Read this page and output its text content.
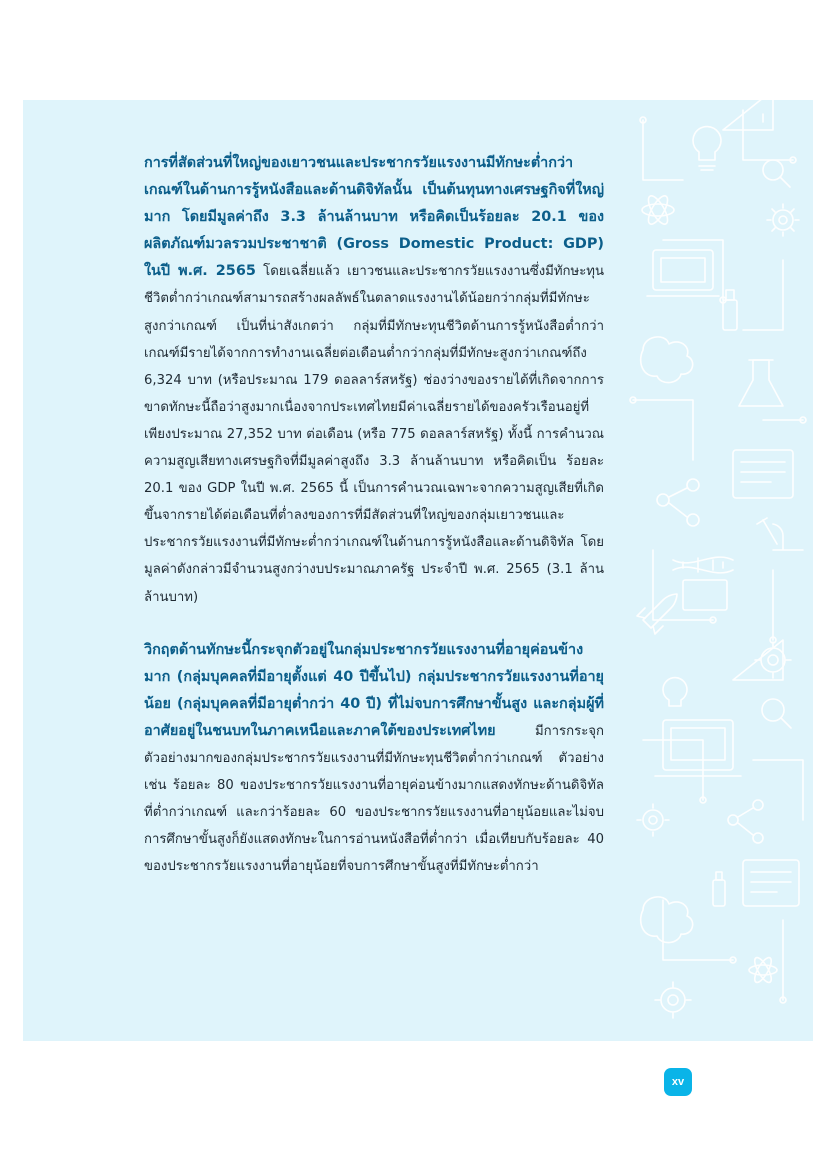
การที่สัดส่วนที่ใหญ่ของเยาวชนและประชากรวัยแรงงานมีทักษะต่ำกว่าเกณฑ์ในด้านการรู้หนังสือและด้านดิจิทัลนั้น เป็นต้นทุนทางเศรษฐกิจที่ใหญ่มาก โดยมีมูลค่าถึง 3.3 ล้านล้านบาท หรือคิดเป็นร้อยละ 20.1 ของผลิตภัณฑ์มวลรวมประชาชาติ (Gross Domestic Product: GDP) ในปี พ.ศ. 2565 โดยเฉลี่ยแล้ว เยาวชนและประชากรวัยแรงงานซึ่งมีทักษะทุนชีวิตต่ำกว่าเกณฑ์สามารถสร้างผลลัพธ์ในตลาดแรงงานได้น้อยกว่ากลุ่มที่มีทักษะสูงกว่าเกณฑ์ เป็นที่น่าสังเกตว่า กลุ่มที่มีทักษะทุนชีวิตด้านการรู้หนังสือต่ำกว่าเกณฑ์มีรายได้จากการทำงานเฉลี่ยต่อเดือนต่ำกว่ากลุ่มที่มีทักษะสูงกว่าเกณฑ์ถึง 6,324 บาท (หรือประมาณ 179 ดอลลาร์สหรัฐ) ช่องว่างของรายได้ที่เกิดจากการขาดทักษะนี้ถือว่าสูงมากเนื่องจากประเทศไทยมีค่าเฉลี่ยรายได้ของครัวเรือนอยู่ที่เพียงประมาณ 27,352 บาท ต่อเดือน (หรือ 775 ดอลลาร์สหรัฐ) ทั้งนี้ การคำนวณความสูญเสียทางเศรษฐกิจที่มีมูลค่าสูงถึง 3.3 ล้านล้านบาท หรือคิดเป็น ร้อยละ 20.1 ของ GDP ในปี พ.ศ. 2565 นี้ เป็นการคำนวณเฉพาะจากความสูญเสียที่เกิดขึ้นจากรายได้ต่อเดือนที่ต่ำลงของการที่มีสัดส่วนที่ใหญ่ของกลุ่มเยาวชนและประชากรวัยแรงงานที่มีทักษะต่ำกว่าเกณฑ์ในด้านการรู้หนังสือและด้านดิจิทัล โดยมูลค่าดังกล่าวมีจำนวนสูงกว่างบประมาณภาครัฐ ประจำปี พ.ศ. 2565 (3.1 ล้านล้านบาท)

วิกฤตด้านทักษะนี้กระจุกตัวอยู่ในกลุ่มประชากรวัยแรงงานที่อายุค่อนข้างมาก (กลุ่มบุคคลที่มีอายุตั้งแต่ 40 ปีขึ้นไป) กลุ่มประชากรวัยแรงงานที่อายุน้อย (กลุ่มบุคคลที่มีอายุต่ำกว่า 40 ปี) ที่ไม่จบการศึกษาขั้นสูง และกลุ่มผู้ที่อาศัยอยู่ในชนบทในภาคเหนือและภาคใต้ของประเทศไทย มีการกระจุกตัวอย่างมากของกลุ่มประชากรวัยแรงงานที่มีทักษะทุนชีวิตต่ำกว่าเกณฑ์ ตัวอย่างเช่น ร้อยละ 80 ของประชากรวัยแรงงานที่อายุค่อนข้างมากแสดงทักษะด้านดิจิทัลที่ต่ำกว่าเกณฑ์ และกว่าร้อยละ 60 ของประชากรวัยแรงงานที่อายุน้อยและไม่จบการศึกษาขั้นสูงก็ยังแสดงทักษะในการอ่านหนังสือที่ต่ำกว่า เมื่อเทียบกับร้อยละ 40 ของประชากรวัยแรงงานที่อายุน้อยที่จบการศึกษาขั้นสูงที่มีทักษะต่ำกว่า

xv
